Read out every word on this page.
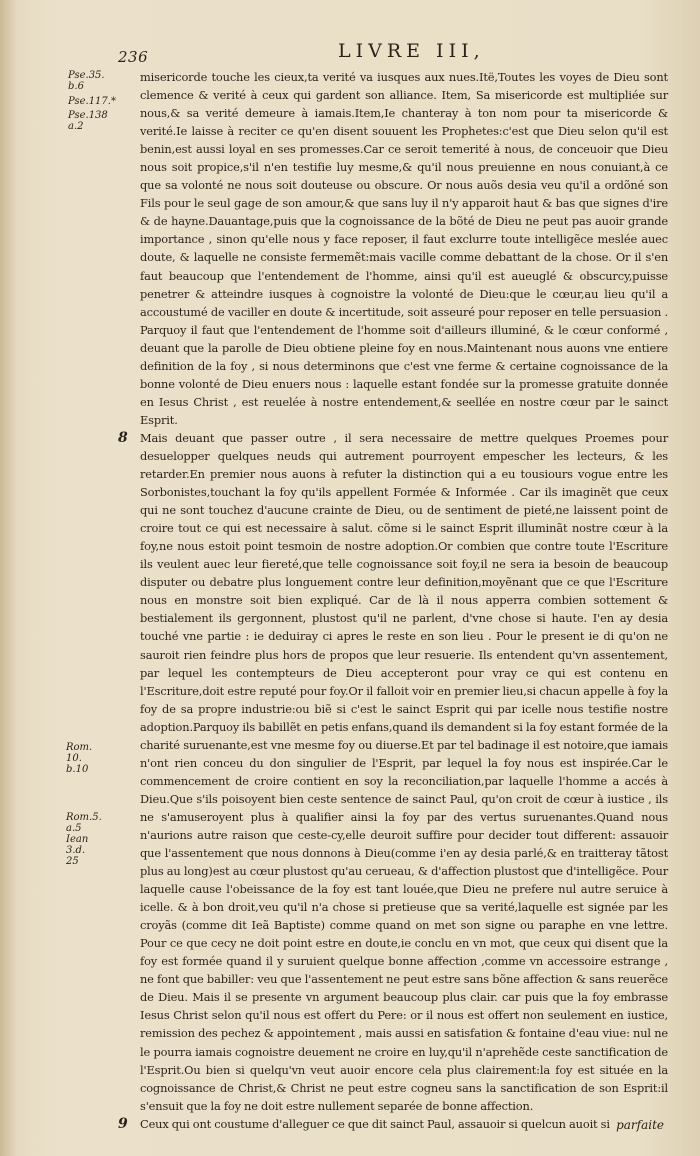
236	LIVRE III,
Pse.35.
b.6
Pse.117.*
Pse.138
a.2
Rom. 10.
b.10
Rom.5.
a.5
Iean 3.d.
25

misericorde touche les cieux,ta verité va iusques aux nues.Itë,Toutes les voyes de Dieu sont clemence & verité à ceux qui gardent son alliance. Item, Sa misericorde est multipliée sur nous,& sa verité demeure à iamais.Item,Ie chanteray à ton nom pour ta misericorde & verité.Ie laisse à reciter ce qu'en disent souuent les Prophetes:c'est que Dieu selon qu'il est benin,est aussi loyal en ses promesses.Car ce seroit temerité à nous, de conceuoir que Dieu nous soit propice,s'il n'en testifie luy mesme,& qu'il nous preuienne en nous conuiant,à ce que sa volonté ne nous soit douteuse ou obscure. Or nous auõs desia veu qu'il a ordõné son Fils pour le seul gage de son amour,& que sans luy il n'y apparoit haut & bas que signes d'ire & de hayne.Dauantage,puis que la cognoissance de la bõté de Dieu ne peut pas auoir grande importance , sinon qu'elle nous y face reposer, il faut exclurre toute intelligẽce meslée auec doute, & laquelle ne consiste fermemẽt:mais vacille comme debattant de la chose. Or il s'en faut beaucoup que l'entendement de l'homme, ainsi qu'il est aueuglé & obscurcy,puisse penetrer & atteindre iusques à cognoistre la volonté de Dieu:que le cœur,au lieu qu'il a accoustumé de vaciller en doute & incertitude, soit asseuré pour reposer en telle persuasion . Parquoy il faut que l'entendement de l'homme soit d'ailleurs illuminé, & le cœur conformé , deuant que la parolle de Dieu obtiene pleine foy en nous.Maintenant nous auons vne entiere definition de la foy , si nous determinons que c'est vne ferme & certaine cognoissance de la bonne volonté de Dieu enuers nous : laquelle estant fondée sur la promesse gratuite donnée en Iesus Christ , est reuelée à nostre entendement,& seellée en nostre cœur par le sainct Esprit.

8 Mais deuant que passer outre , il sera necessaire de mettre quelques Proemes pour desuelopper quelques neuds qui autrement pourroyent empescher les lecteurs, & les retarder.En premier nous auons à refuter la distinction qui a eu tousiours vogue entre les Sorbonistes,touchant la foy qu'ils appellent Formée & Informée . Car ils imaginẽt que ceux qui ne sont touchez d'aucune crainte de Dieu, ou de sentiment de pieté,ne laissent point de croire tout ce qui est necessaire à salut. cõme si le sainct Esprit illuminãt nostre cœur à la foy,ne nous estoit point tesmoin de nostre adoption.Or combien que contre toute l'Escriture ils veulent auec leur fiereté,que telle cognoissance soit foy,il ne sera ia besoin de beaucoup disputer ou debatre plus longuement contre leur definition,moyẽnant que ce que l'Escriture nous en monstre soit bien expliqué. Car de là il nous apperra combien sottement & bestialement ils gergonnent, plustost qu'il ne parlent, d'vne chose si haute. I'en ay desia touché vne partie : ie deduiray ci apres le reste en son lieu . Pour le present ie di qu'on ne sauroit rien feindre plus hors de propos que leur resuerie. Ils entendent qu'vn assentement, par lequel les contempteurs de Dieu accepteront pour vray ce qui est contenu en l'Escriture,doit estre reputé pour foy.Or il falloit voir en premier lieu,si chacun appelle à foy la foy de sa propre industrie:ou biẽ si c'est le sainct Esprit qui par icelle nous testifie nostre adoption.Parquoy ils babillẽt en petis enfans,quand ils demandent si la foy estant formée de la charité suruenante,est vne mesme foy ou diuerse.Et par tel badinage il est notoire,que iamais n'ont rien conceu du don singulier de l'Esprit, par lequel la foy nous est inspirée.Car le commencement de croire contient en soy la reconciliation,par laquelle l'homme a accés à Dieu.Que s'ils poisoyent bien ceste sentence de sainct Paul, qu'on croit de cœur à iustice , ils ne s'amuseroyent plus à qualifier ainsi la foy par des vertus suruenantes.Quand nous n'aurions autre raison que ceste-cy,elle deuroit suffire pour decider tout different: assauoir que l'assentement que nous donnons à Dieu(comme i'en ay desia parlé,& en traitteray tãtost plus au long)est au cœur plustost qu'au cerueau, & d'affection plustost que d'intelligẽce. Pour laquelle cause l'obeissance de la foy est tant louée,que Dieu ne prefere nul autre seruice à icelle. & à bon droit,veu qu'il n'a chose si pretieuse que sa verité,laquelle est signée par les croyãs (comme dit Ieã Baptiste) comme quand on met son signe ou paraphe en vne lettre. Pour ce que cecy ne doit point estre en doute,ie conclu en vn mot, que ceux qui disent que la foy est formée quand il y suruient quelque bonne affection ,comme vn accessoire estrange , ne font que babiller: veu que l'assentement ne peut estre sans bõne affection & sans reuerẽce de Dieu. Mais il se presente vn argument beaucoup plus clair. car puis que la foy embrasse Iesus Christ selon qu'il nous est offert du Pere: or il nous est offert non seulement en iustice, remission des pechez & appointement , mais aussi en satisfation & fontaine d'eau viue: nul ne le pourra iamais cognoistre deuement ne croire en luy,qu'il n'aprehẽde ceste sanctification de l'Esprit.Ou bien si quelqu'vn veut auoir encore cela plus clairement:la foy est située en la cognoissance de Christ,& Christ ne peut estre cogneu sans la sanctification de son Esprit:il s'ensuit que la foy ne doit estre nullement separée de bonne affection.

9 Ceux qui ont coustume d'alleguer ce que dit sainct Paul, assauoir si quelcun auoit si parfaite
